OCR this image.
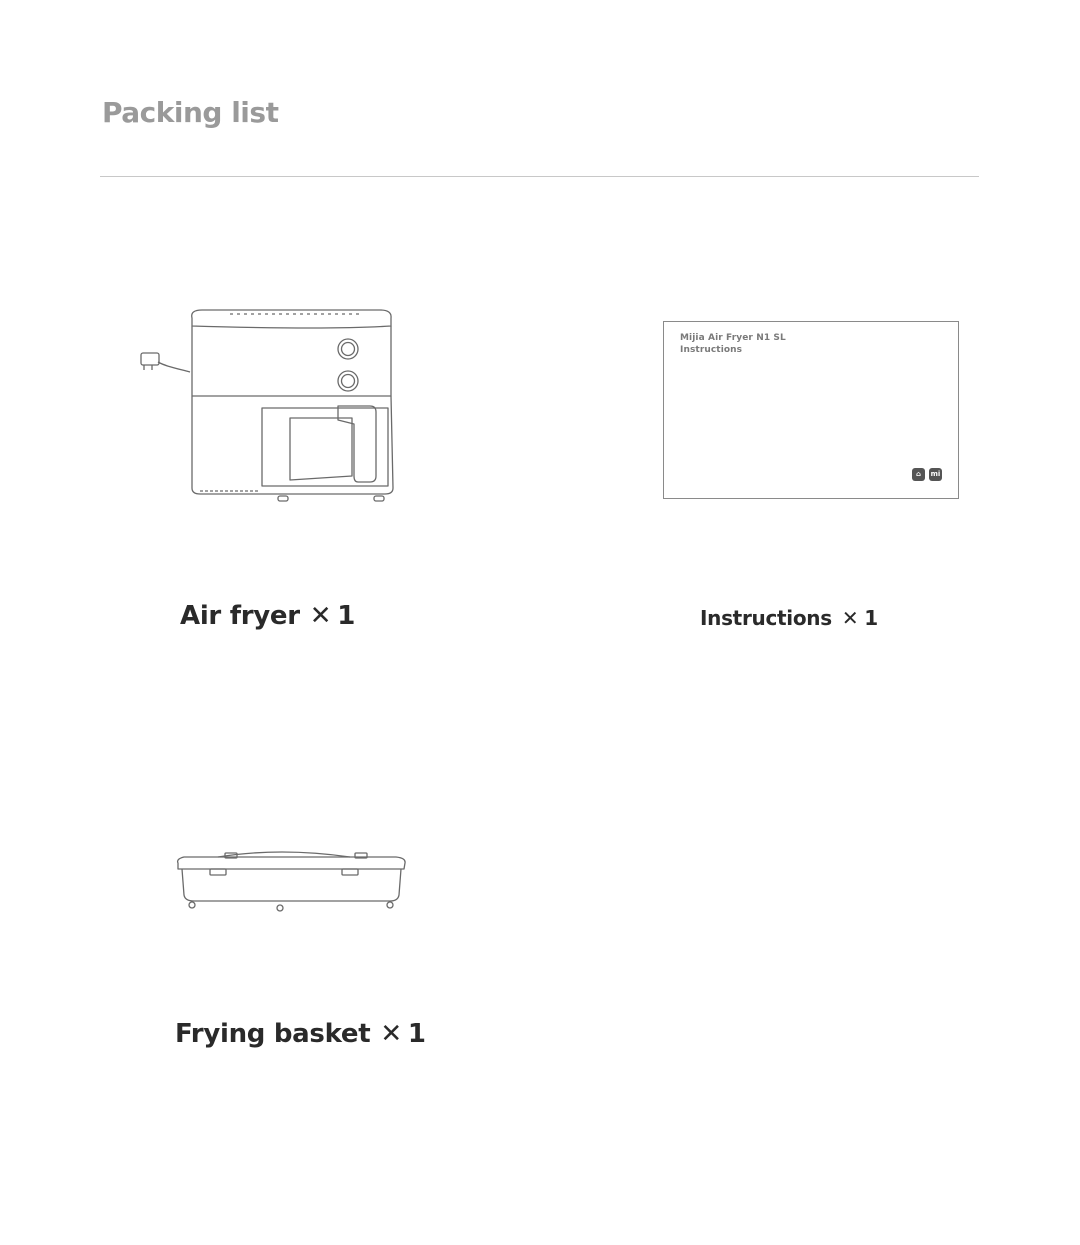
Packing list
Mijia Air Fryer N1 SL
Instructions
⌂	mi
Air fryer ✕ 1	Instructions ✕ 1
Frying basket ✕ 1
